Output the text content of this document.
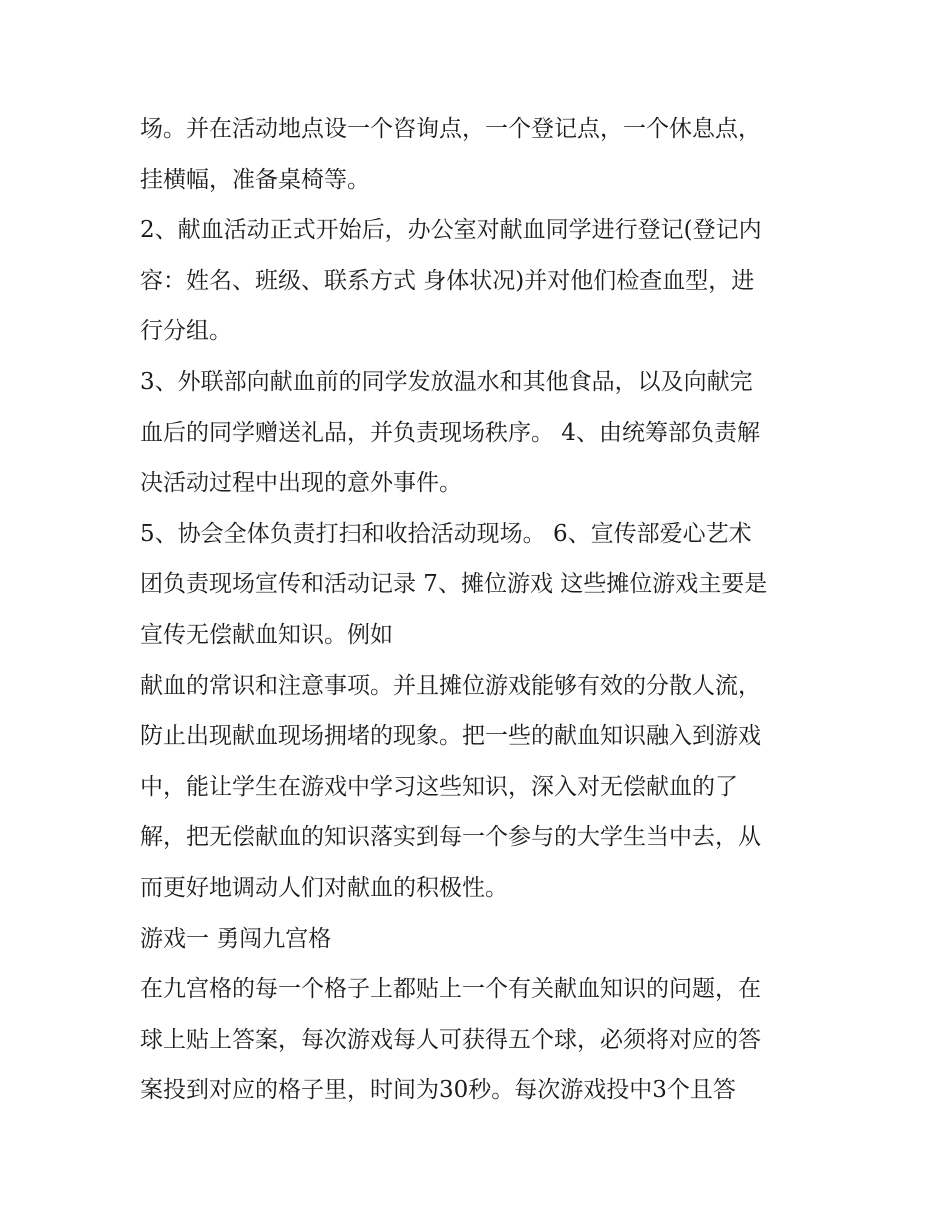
场。并在活动地点设一个咨询点，一个登记点，一个休息点，
挂横幅，准备桌椅等。
2、献血活动正式开始后，办公室对献血同学进行登记(登记内
容：姓名、班级、联系方式 身体状况)并对他们检查血型，进
行分组。
3、外联部向献血前的同学发放温水和其他食品，以及向献完
血后的同学赠送礼品，并负责现场秩序。 4、由统筹部负责解
决活动过程中出现的意外事件。
5、协会全体负责打扫和收拾活动现场。 6、宣传部爱心艺术
团负责现场宣传和活动记录 7、摊位游戏 这些摊位游戏主要是
宣传无偿献血知识。例如
献血的常识和注意事项。并且摊位游戏能够有效的分散人流，
防止出现献血现场拥堵的现象。把一些的献血知识融入到游戏
中，能让学生在游戏中学习这些知识，深入对无偿献血的了
解，把无偿献血的知识落实到每一个参与的大学生当中去，从
而更好地调动人们对献血的积极性。
游戏一 勇闯九宫格
在九宫格的每一个格子上都贴上一个有关献血知识的问题，在
球上贴上答案，每次游戏每人可获得五个球，必须将对应的答
案投到对应的格子里，时间为30秒。每次游戏投中3个且答
